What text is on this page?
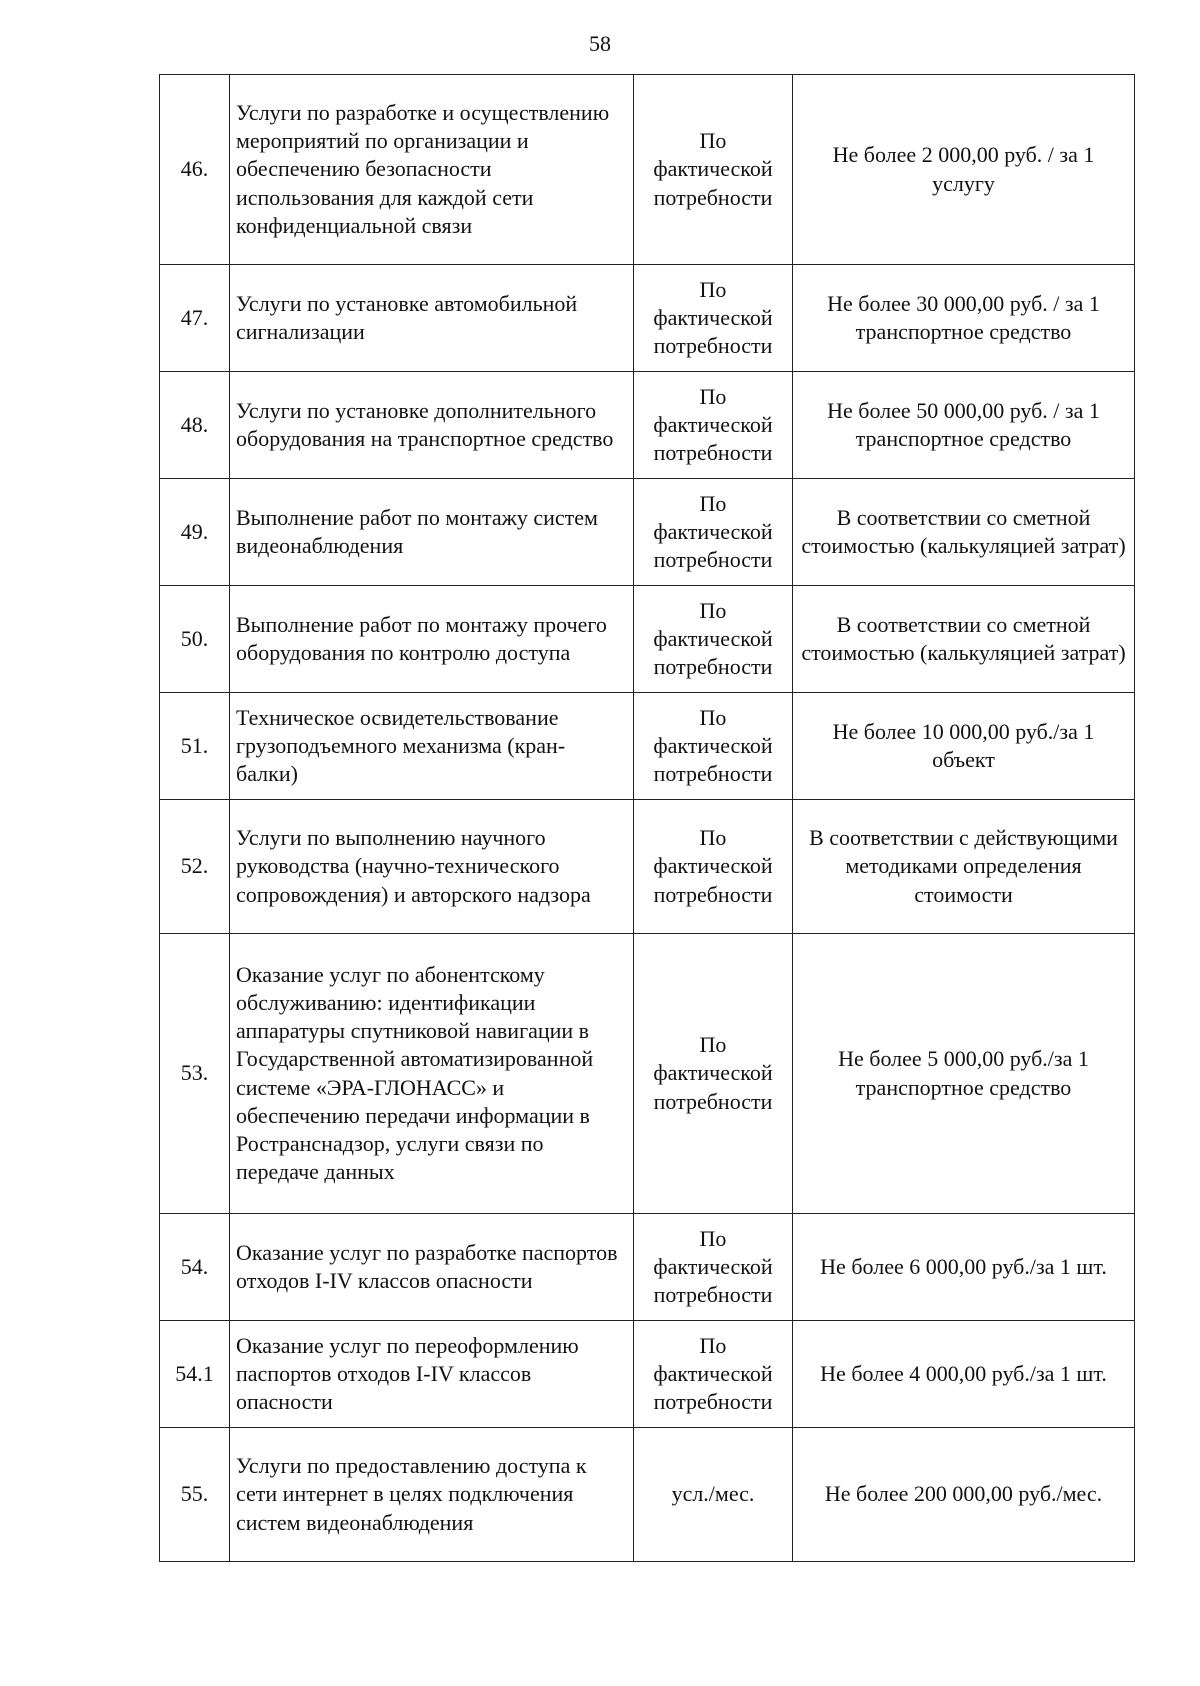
58
46.	Услуги по разработке и осуществлению мероприятий по организации и обеспечению безопасности использования для каждой сети конфиденциальной связи	По фактической потребности	Не более 2 000,00 руб. / за 1 услугу
47.	Услуги по установке автомобильной сигнализации	По фактической потребности	Не более 30 000,00 руб. / за 1 транспортное средство
48.	Услуги по установке дополнительного оборудования на транспортное средство	По фактической потребности	Не более 50 000,00 руб. / за 1 транспортное средство
49.	Выполнение работ по монтажу систем видеонаблюдения	По фактической потребности	В соответствии со сметной стоимостью (калькуляцией затрат)
50.	Выполнение работ по монтажу прочего оборудования по контролю доступа	По фактической потребности	В соответствии со сметной стоимостью (калькуляцией затрат)
51.	Техническое освидетельствование грузоподъемного механизма (кран-балки)	По фактической потребности	Не более 10 000,00 руб./за 1 объект
52.	Услуги по выполнению научного руководства (научно-технического сопровождения) и авторского надзора	По фактической потребности	В соответствии с действующими методиками определения стоимости
53.	Оказание услуг по абонентскому обслуживанию: идентификации аппаратуры спутниковой навигации в Государственной автоматизированной системе «ЭРА-ГЛОНАСС» и обеспечению передачи информации в Ространснадзор, услуги связи по передаче данных	По фактической потребности	Не более 5 000,00 руб./за 1 транспортное средство
54.	Оказание услуг по разработке паспортов отходов I-IV классов опасности	По фактической потребности	Не более 6 000,00 руб./за 1 шт.
54.1	Оказание услуг по переоформлению паспортов отходов I-IV классов опасности	По фактической потребности	Не более 4 000,00 руб./за 1 шт.
55.	Услуги по предоставлению доступа к сети интернет в целях подключения систем видеонаблюдения	усл./мес.	Не более 200 000,00 руб./мес.
